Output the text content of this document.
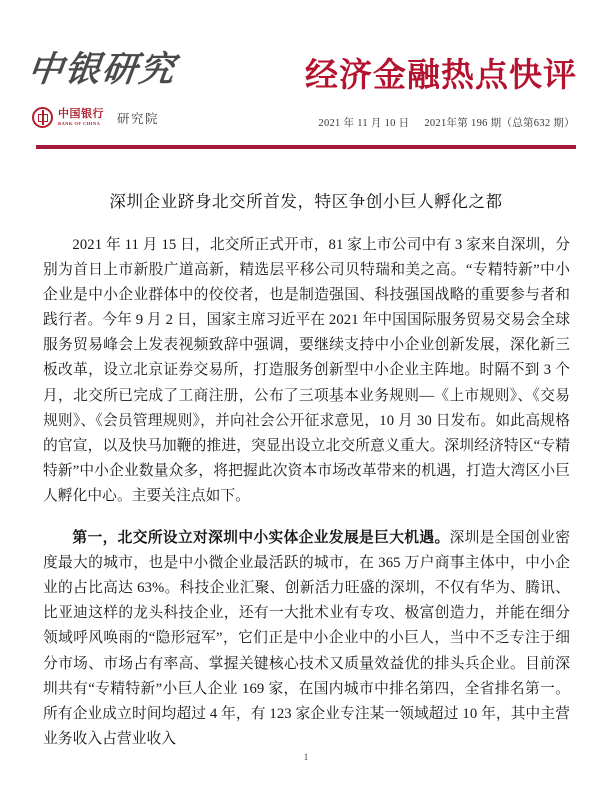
中银研究
中国银行
BANK OF CHINA 研究院
经济金融热点快评
2021 年 11 月 10 日 2021年第 196 期（总第632 期）
深圳企业跻身北交所首发，特区争创小巨人孵化之都

2021 年 11 月 15 日，北交所正式开市，81 家上市公司中有 3 家来自深圳，分别为首日上市新股广道高新，精选层平移公司贝特瑞和美之高。“专精特新”中小企业是中小企业群体中的佼佼者，也是制造强国、科技强国战略的重要参与者和践行者。今年 9 月 2 日，国家主席习近平在 2021 年中国国际服务贸易交易会全球服务贸易峰会上发表视频致辞中强调，要继续支持中小企业创新发展，深化新三板改革，设立北京证券交易所，打造服务创新型中小企业主阵地。时隔不到 3 个月，北交所已完成了工商注册，公布了三项基本业务规则—《上市规则》、《交易规则》、《会员管理规则》，并向社会公开征求意见，10 月 30 日发布。如此高规格的官宣，以及快马加鞭的推进，突显出设立北交所意义重大。深圳经济特区“专精特新”中小企业数量众多，将把握此次资本市场改革带来的机遇，打造大湾区小巨人孵化中心。主要关注点如下。

第一，北交所设立对深圳中小实体企业发展是巨大机遇。深圳是全国创业密度最大的城市，也是中小微企业最活跃的城市，在 365 万户商事主体中，中小企业的占比高达 63%。科技企业汇聚、创新活力旺盛的深圳，不仅有华为、腾讯、比亚迪这样的龙头科技企业，还有一大批术业有专攻、极富创造力，并能在细分领域呼风唤雨的“隐形冠军”，它们正是中小企业中的小巨人，当中不乏专注于细分市场、市场占有率高、掌握关键核心技术又质量效益优的排头兵企业。目前深圳共有“专精特新”小巨人企业 169 家，在国内城市中排名第四，全省排名第一。所有企业成立时间均超过 4 年，有 123 家企业专注某一领域超过 10 年，其中主营业务收入占营业收入

1
